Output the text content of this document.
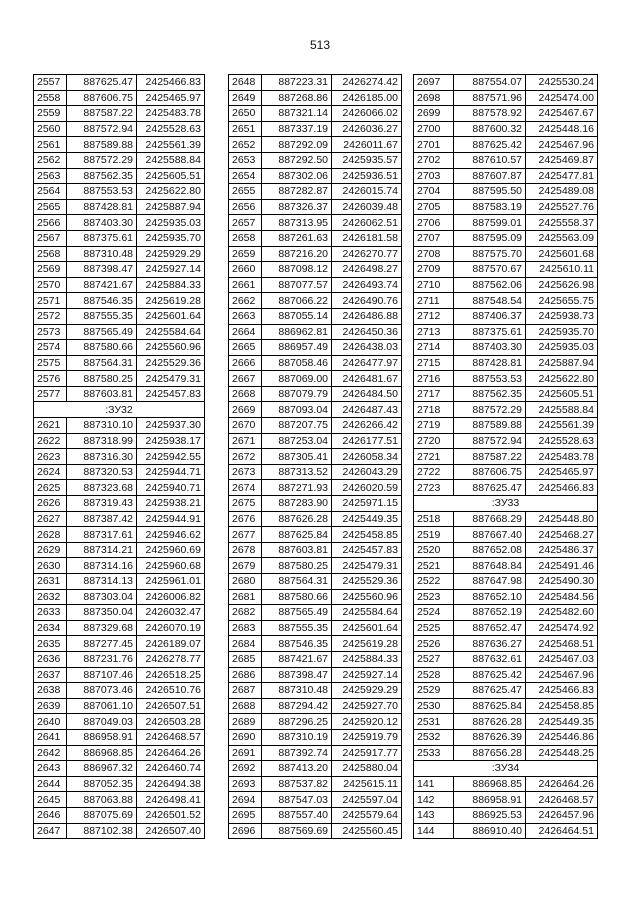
513
2557	887625.47	2425466.83
2558	887606.75	2425465.97
2559	887587.22	2425483.78
2560	887572.94	2425528.63
2561	887589.88	2425561.39
2562	887572.29	2425588.84
2563	887562.35	2425605.51
2564	887553.53	2425622.80
2565	887428.81	2425887.94
2566	887403.30	2425935.03
2567	887375.61	2425935.70
2568	887310.48	2425929.29
2569	887398.47	2425927.14
2570	887421.67	2425884.33
2571	887546.35	2425619.28
2572	887555.35	2425601.64
2573	887565.49	2425584.64
2574	887580.66	2425560.96
2575	887564.31	2425529.36
2576	887580.25	2425479.31
2577	887603.81	2425457.83
:ЗУ32		
2621	887310.10	2425937.30
2622	887318.99	2425938.17
2623	887316.30	2425942.55
2624	887320.53	2425944.71
2625	887323.68	2425940.71
2626	887319.43	2425938.21
2627	887387.42	2425944.91
2628	887317.61	2425946.62
2629	887314.21	2425960.69
2630	887314.16	2425960.68
2631	887314.13	2425961.01
2632	887303.04	2426006.82
2633	887350.04	2426032.47
2634	887329.68	2426070.19
2635	887277.45	2426189.07
2636	887231.76	2426278.77
2637	887107.46	2426518.25
2638	887073.46	2426510.76
2639	887061.10	2426507.51
2640	887049.03	2426503.28
2641	886958.91	2426468.57
2642	886968.85	2426464.26
2643	886967.32	2426460.74
2644	887052.35	2426494.38
2645	887063.88	2426498.41
2646	887075.69	2426501.52
2647	887102.38	2426507.40
2648	887223.31	2426274.42
2649	887268.86	2426185.00
2650	887321.14	2426066.02
2651	887337.19	2426036.27
2652	887292.09	2426011.67
2653	887292.50	2425935.57
2654	887302.06	2425936.51
2655	887282.87	2426015.74
2656	887326.37	2426039.48
2657	887313.95	2426062.51
2658	887261.63	2426181.58
2659	887216.20	2426270.77
2660	887098.12	2426498.27
2661	887077.57	2426493.74
2662	887066.22	2426490.76
2663	887055.14	2426486.88
2664	886962.81	2426450.36
2665	886957.49	2426438.03
2666	887058.46	2426477.97
2667	887069.00	2426481.67
2668	887079.79	2426484.50
2669	887093.04	2426487.43
2670	887207.75	2426266.42
2671	887253.04	2426177.51
2672	887305.41	2426058.34
2673	887313.52	2426043.29
2674	887271.93	2426020.59
2675	887283.90	2425971.15
2676	887626.28	2425449.35
2677	887625.84	2425458.85
2678	887603.81	2425457.83
2679	887580.25	2425479.31
2680	887564.31	2425529.36
2681	887580.66	2425560.96
2682	887565.49	2425584.64
2683	887555.35	2425601.64
2684	887546.35	2425619.28
2685	887421.67	2425884.33
2686	887398.47	2425927.14
2687	887310.48	2425929.29
2688	887294.42	2425927.70
2689	887296.25	2425920.12
2690	887310.19	2425919.79
2691	887392.74	2425917.77
2692	887413.20	2425880.04
2693	887537.82	2425615.11
2694	887547.03	2425597.04
2695	887557.40	2425579.64
2696	887569.69	2425560.45
2697	887554.07	2425530.24
2698	887571.96	2425474.00
2699	887578.92	2425467.67
2700	887600.32	2425448.16
2701	887625.42	2425467.96
2702	887610.57	2425469.87
2703	887607.87	2425477.81
2704	887595.50	2425489.08
2705	887583.19	2425527.76
2706	887599.01	2425558.37
2707	887595.09	2425563.09
2708	887575.70	2425601.68
2709	887570.67	2425610.11
2710	887562.06	2425626.98
2711	887548.54	2425655.75
2712	887406.37	2425938.73
2713	887375.61	2425935.70
2714	887403.30	2425935.03
2715	887428.81	2425887.94
2716	887553.53	2425622.80
2717	887562.35	2425605.51
2718	887572.29	2425588.84
2719	887589.88	2425561.39
2720	887572.94	2425528.63
2721	887587.22	2425483.78
2722	887606.75	2425465.97
2723	887625.47	2425466.83
:ЗУ33		
2518	887668.29	2425448.80
2519	887667.40	2425468.27
2520	887652.08	2425486.37
2521	887648.84	2425491.46
2522	887647.98	2425490.30
2523	887652.10	2425484.56
2524	887652.19	2425482.60
2525	887652.47	2425474.92
2526	887636.27	2425468.51
2527	887632.61	2425467.03
2528	887625.42	2425467.96
2529	887625.47	2425466.83
2530	887625.84	2425458.85
2531	887626.28	2425449.35
2532	887626.39	2425446.86
2533	887656.28	2425448.25
:ЗУ34		
141	886968.85	2426464.26
142	886958.91	2426468.57
143	886925.53	2426457.96
144	886910.40	2426464.51
